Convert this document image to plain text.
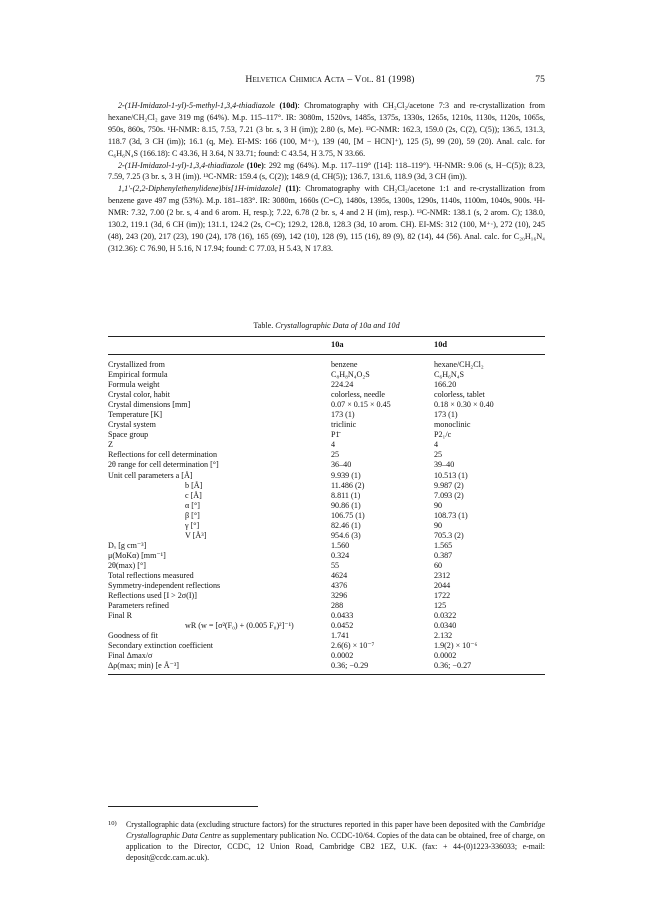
Helvetica Chimica Acta – Vol. 81 (1998)	75

2-(1H-Imidazol-1-yl)-5-methyl-1,3,4-thiadiazole (10d): Chromatography with CH₂Cl₂/acetone 7:3 and re-crystallization from hexane/CH₂Cl₂ gave 319 mg (64%). M.p. 115–117°. IR: 3080m, 1520vs, 1485s, 1375s, 1330s, 1265s, 1210s, 1130s, 1120s, 1065s, 950s, 860s, 750s. ¹H-NMR: 8.15, 7.53, 7.21 (3 br. s, 3 H (im)); 2.80 (s, Me). ¹³C-NMR: 162.3, 159.0 (2s, C(2), C(5)); 136.5, 131.3, 118.7 (3d, 3 CH (im)); 16.1 (q, Me). EI-MS: 166 (100, M⁺·), 139 (40, [M − HCN]⁺), 125 (5), 99 (20), 59 (20). Anal. calc. for C₆H₆N₄S (166.18): C 43.36, H 3.64, N 33.71; found: C 43.54, H 3.75, N 33.66.

2-(1H-Imidazol-1-yl)-1,3,4-thiadiazole (10e): 292 mg (64%). M.p. 117–119° ([14]: 118–119°). ¹H-NMR: 9.06 (s, H−C(5)); 8.23, 7.59, 7.25 (3 br. s, 3 H (im)). ¹³C-NMR: 159.4 (s, C(2)); 148.9 (d, CH(5)); 136.7, 131.6, 118.9 (3d, 3 CH (im)).

1,1′-(2,2-Diphenylethenylidene)bis[1H-imidazole] (11): Chromatography with CH₂Cl₂/acetone 1:1 and re-crystallization from benzene gave 497 mg (53%). M.p. 181–183°. IR: 3080m, 1660s (C=C), 1480s, 1395s, 1300s, 1290s, 1140s, 1100m, 1040s, 900s. ¹H-NMR: 7.32, 7.00 (2 br. s, 4 and 6 arom. H, resp.); 7.22, 6.78 (2 br. s, 4 and 2 H (im), resp.). ¹³C-NMR: 138.1 (s, 2 arom. C); 138.0, 130.2, 119.1 (3d, 6 CH (im)); 131.1, 124.2 (2s, C=C); 129.2, 128.8, 128.3 (3d, 10 arom. CH). EI-MS: 312 (100, M⁺·), 272 (10), 245 (48), 243 (20), 217 (23), 190 (24), 178 (16), 165 (69), 142 (10), 128 (9), 115 (16), 89 (9), 82 (14), 44 (56). Anal. calc. for C₂₀H₁₆N₄ (312.36): C 76.90, H 5.16, N 17.94; found: C 77.03, H 5.43, N 17.83.

Table. Crystallographic Data of 10a and 10d
10a	10d
Crystallized from	benzene	hexane/CH₂Cl₂
Empirical formula	C₈H₈N₄O₂S	C₆H₆N₄S
Formula weight	224.24	166.20
Crystal color, habit	colorless, needle	colorless, tablet
Crystal dimensions [mm]	0.07 × 0.15 × 0.45	0.18 × 0.30 × 0.40
Temperature [K]	173 (1)	173 (1)
Crystal system	triclinic	monoclinic
Space group	P1̄	P2₁/c
Z	4	4
Reflections for cell determination	25	25
2θ range for cell determination [°]	36–40	39–40
Unit cell parameters a [Å]	9.939 (1)	10.513 (1)
b [Å]	11.486 (2)	9.987 (2)
c [Å]	8.811 (1)	7.093 (2)
α [°]	90.86 (1)	90
β [°]	106.75 (1)	108.73 (1)
γ [°]	82.46 (1)	90
V [Å³]	954.6 (3)	705.3 (2)
Dₓ [g cm⁻³]	1.560	1.565
μ(MoKα) [mm⁻¹]	0.324	0.387
2θ(max) [°]	55	60
Total reflections measured	4624	2312
Symmetry-independent reflections	4376	2044
Reflections used [I > 2σ(I)]	3296	1722
Parameters refined	288	125
Final R	0.0433	0.0322
wR (w = [σ²(F₀) + (0.005 F₀)²]⁻¹)	0.0452	0.0340
Goodness of fit	1.741	2.132
Secondary extinction coefficient	2.6(6) × 10⁻⁷	1.9(2) × 10⁻⁶
Final Δmax/σ	0.0002	0.0002
Δρ(max; min) [e Å⁻³]	0.36; −0.29	0.36; −0.27
10) Crystallographic data (excluding structure factors) for the structures reported in this paper have been deposited with the Cambridge Crystallographic Data Centre as supplementary publication No. CCDC-10/64. Copies of the data can be obtained, free of charge, on application to the Director, CCDC, 12 Union Road, Cambridge CB2 1EZ, U.K. (fax: + 44-(0)1223-336033; e-mail: deposit@ccdc.cam.ac.uk).
